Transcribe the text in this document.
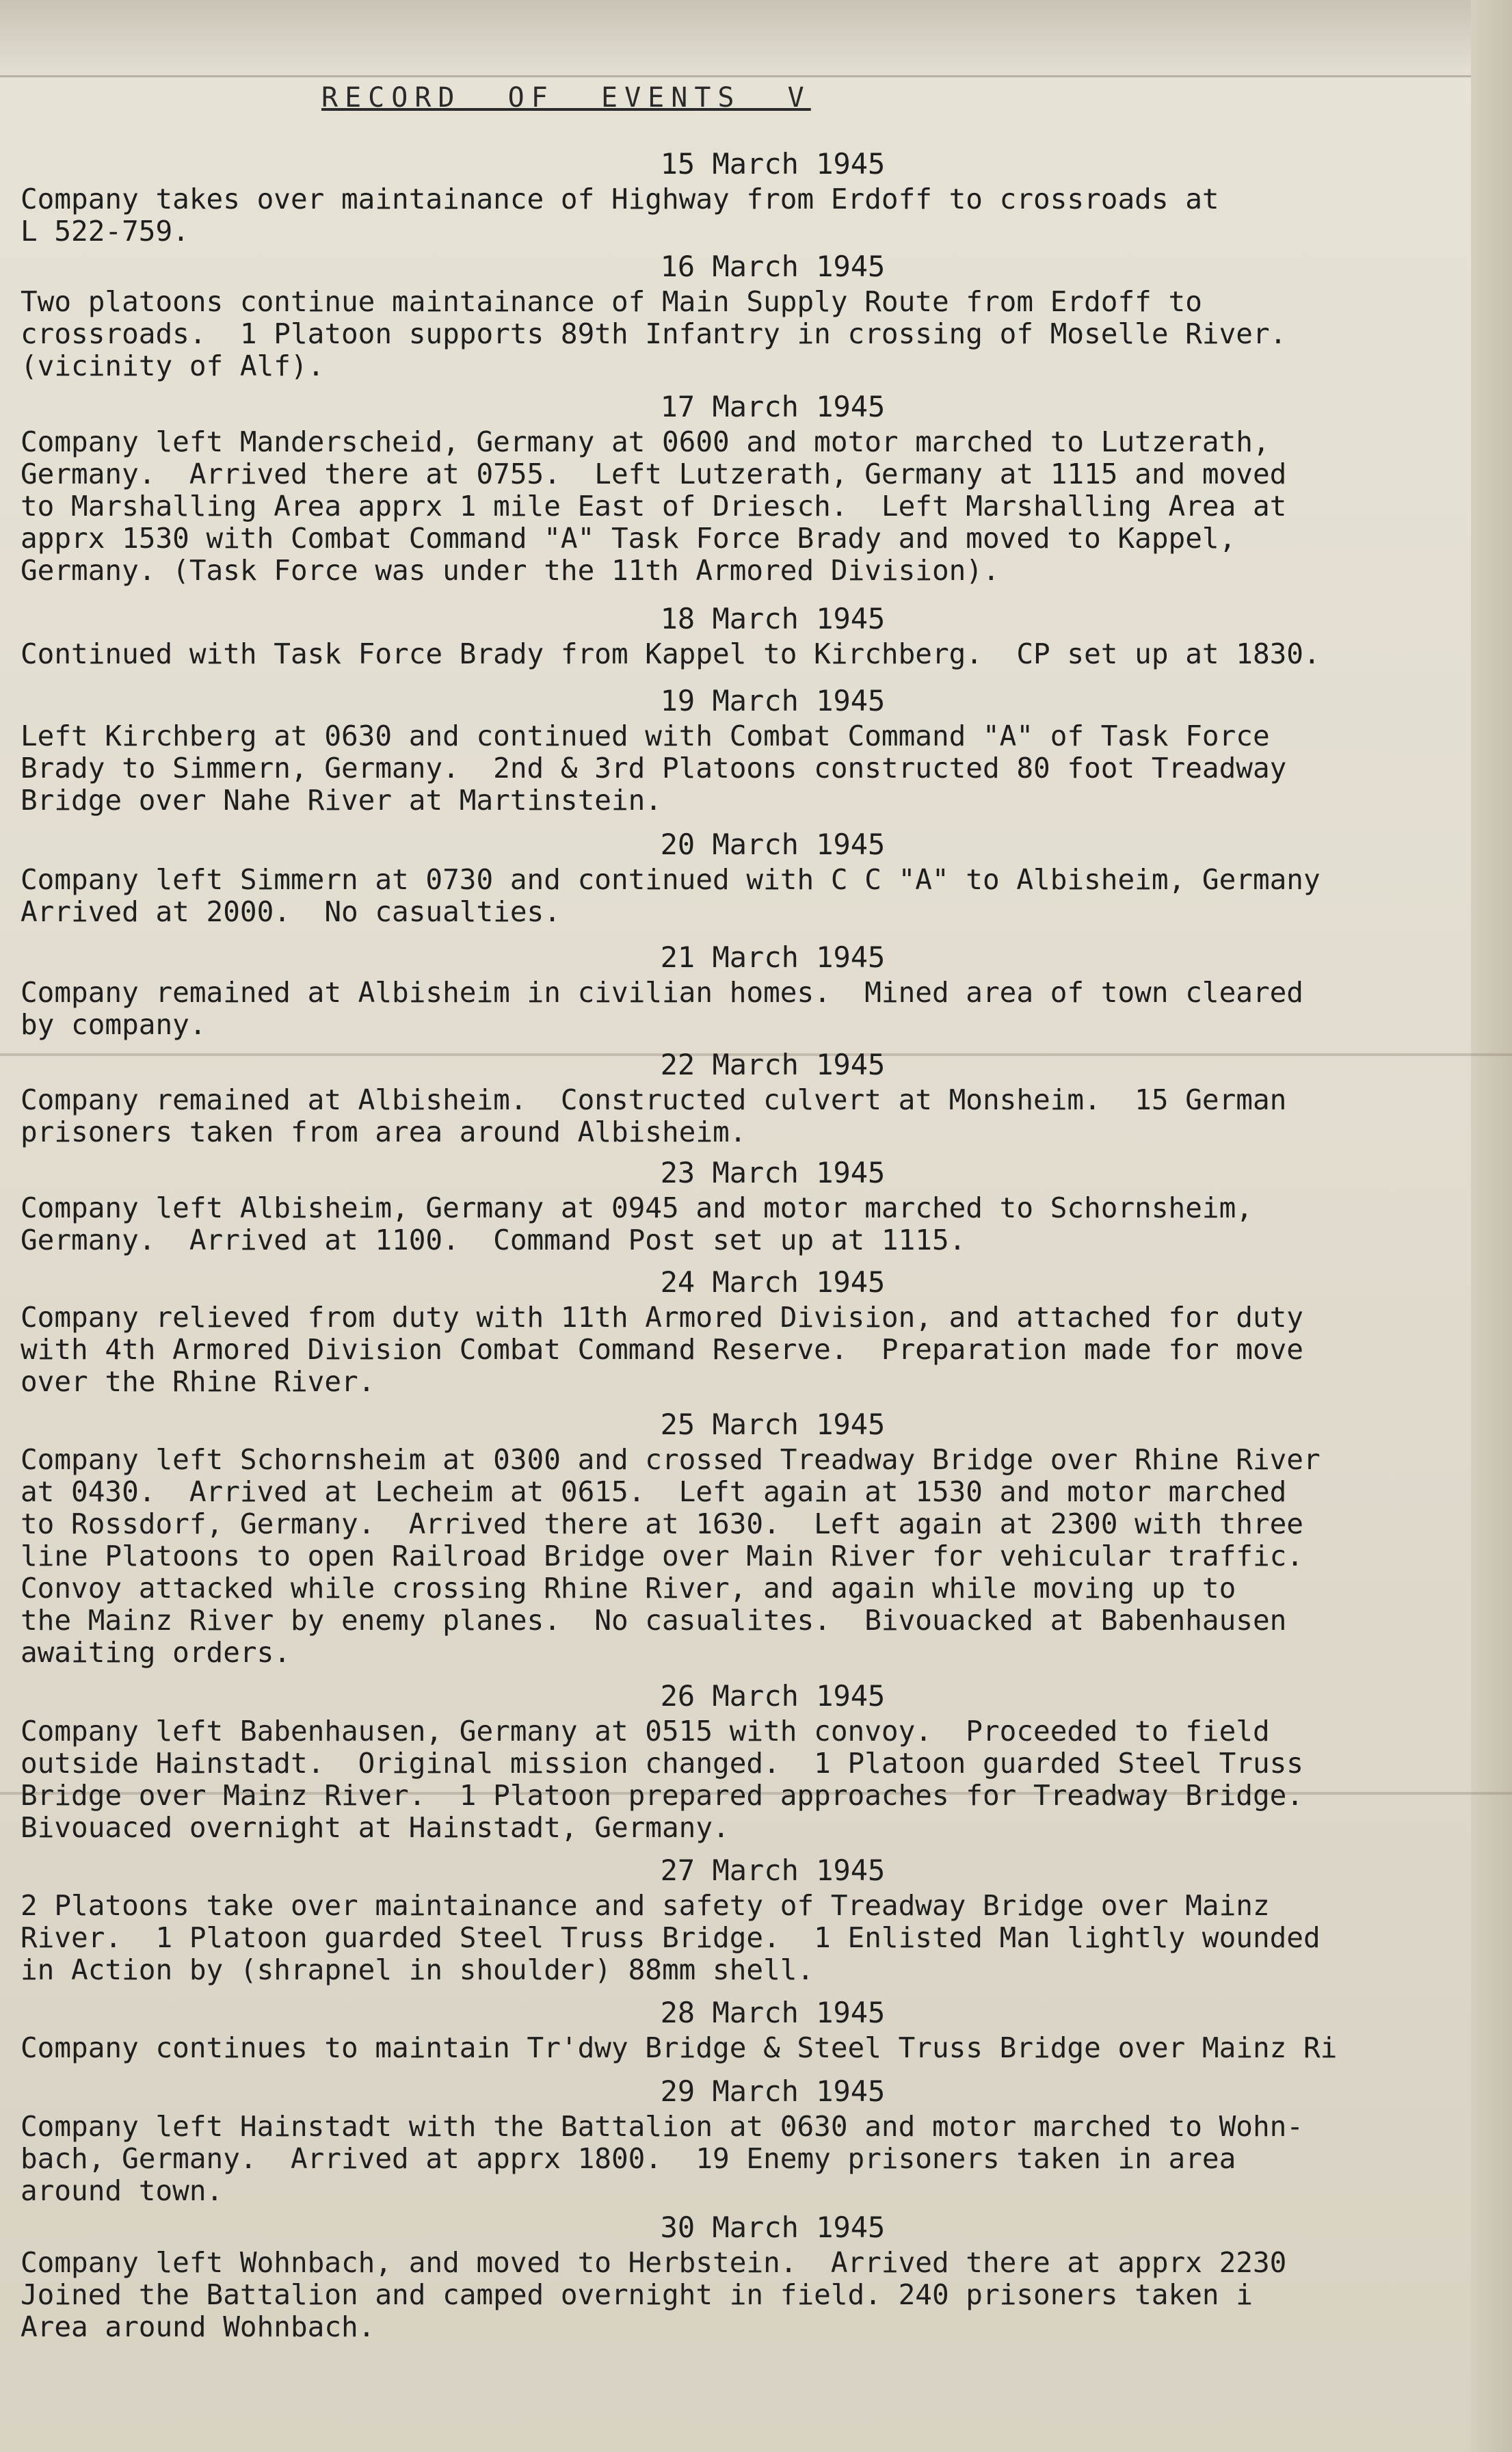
RECORD  OF  EVENTS  V
15 March 1945

Company takes over maintainance of Highway from Erdoff to crossroads at
L 522-759.

16 March 1945

Two platoons continue maintainance of Main Supply Route from Erdoff to
crossroads.  1 Platoon supports 89th Infantry in crossing of Moselle River.
(vicinity of Alf).

17 March 1945

Company left Manderscheid, Germany at 0600 and motor marched to Lutzerath,
Germany.  Arrived there at 0755.  Left Lutzerath, Germany at 1115 and moved
to Marshalling Area apprx 1 mile East of Driesch.  Left Marshalling Area at
apprx 1530 with Combat Command "A" Task Force Brady and moved to Kappel,
Germany. (Task Force was under the 11th Armored Division).

18 March 1945

Continued with Task Force Brady from Kappel to Kirchberg.  CP set up at 1830.

19 March 1945

Left Kirchberg at 0630 and continued with Combat Command "A" of Task Force
Brady to Simmern, Germany.  2nd & 3rd Platoons constructed 80 foot Treadway
Bridge over Nahe River at Martinstein.

20 March 1945

Company left Simmern at 0730 and continued with C C "A" to Albisheim, Germany
Arrived at 2000.  No casualties.

21 March 1945

Company remained at Albisheim in civilian homes.  Mined area of town cleared
by company.

22 March 1945

Company remained at Albisheim.  Constructed culvert at Monsheim.  15 German
prisoners taken from area around Albisheim.

23 March 1945

Company left Albisheim, Germany at 0945 and motor marched to Schornsheim,
Germany.  Arrived at 1100.  Command Post set up at 1115.

24 March 1945

Company relieved from duty with 11th Armored Division, and attached for duty
with 4th Armored Division Combat Command Reserve.  Preparation made for move
over the Rhine River.

25 March 1945

Company left Schornsheim at 0300 and crossed Treadway Bridge over Rhine River
at 0430.  Arrived at Lecheim at 0615.  Left again at 1530 and motor marched
to Rossdorf, Germany.  Arrived there at 1630.  Left again at 2300 with three
line Platoons to open Railroad Bridge over Main River for vehicular traffic.
Convoy attacked while crossing Rhine River, and again while moving up to
the Mainz River by enemy planes.  No casualites.  Bivouacked at Babenhausen
awaiting orders.

26 March 1945

Company left Babenhausen, Germany at 0515 with convoy.  Proceeded to field
outside Hainstadt.  Original mission changed.  1 Platoon guarded Steel Truss
Bridge over Mainz River.  1 Platoon prepared approaches for Treadway Bridge.
Bivouaced overnight at Hainstadt, Germany.

27 March 1945

2 Platoons take over maintainance and safety of Treadway Bridge over Mainz
River.  1 Platoon guarded Steel Truss Bridge.  1 Enlisted Man lightly wounded
in Action by (shrapnel in shoulder) 88mm shell.

28 March 1945

Company continues to maintain Tr'dwy Bridge & Steel Truss Bridge over Mainz Ri

29 March 1945

Company left Hainstadt with the Battalion at 0630 and motor marched to Wohn-
bach, Germany.  Arrived at apprx 1800.  19 Enemy prisoners taken in area
around town.

30 March 1945

Company left Wohnbach, and moved to Herbstein.  Arrived there at apprx 2230
Joined the Battalion and camped overnight in field. 240 prisoners taken i
Area around Wohnbach.
